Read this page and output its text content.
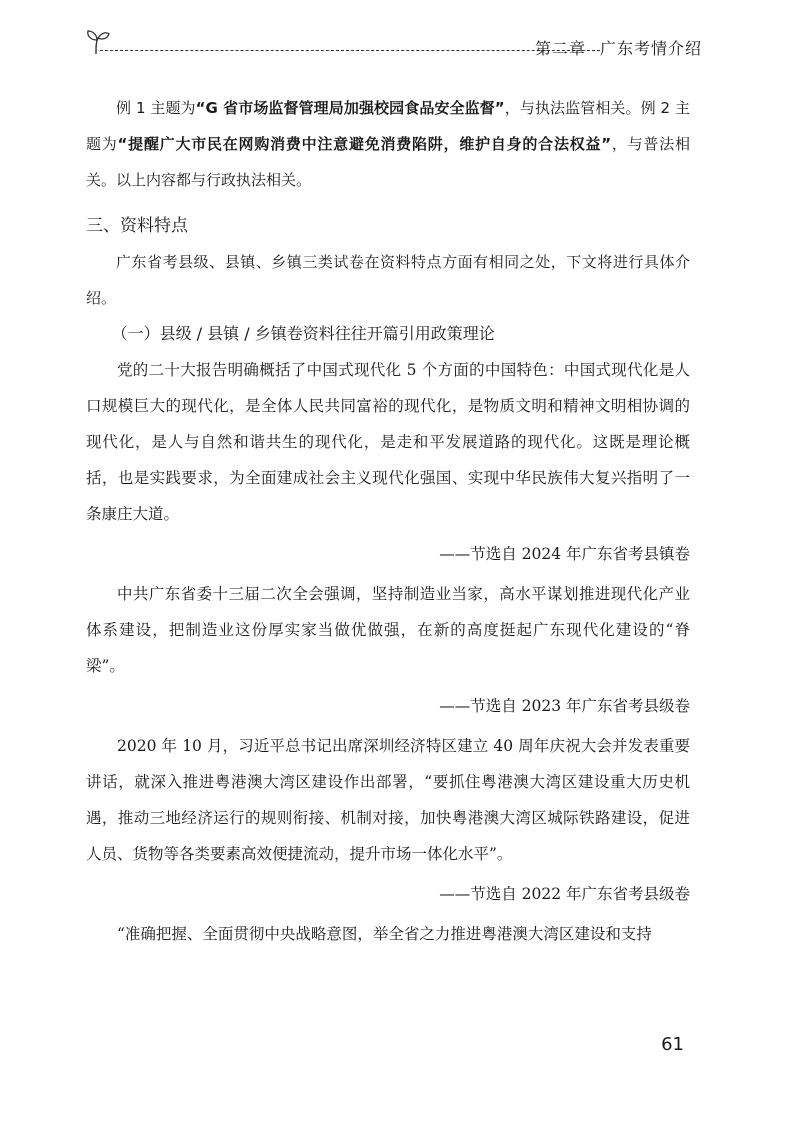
第二章 广东考情介绍

例 1 主题为“G 省市场监督管理局加强校园食品安全监督”，与执法监管相关。例 2 主题为“提醒广大市民在网购消费中注意避免消费陷阱，维护自身的合法权益”，与普法相关。以上内容都与行政执法相关。

三、资料特点

广东省考县级、县镇、乡镇三类试卷在资料特点方面有相同之处，下文将进行具体介绍。

（一）县级 / 县镇 / 乡镇卷资料往往开篇引用政策理论

党的二十大报告明确概括了中国式现代化 5 个方面的中国特色：中国式现代化是人口规模巨大的现代化，是全体人民共同富裕的现代化，是物质文明和精神文明相协调的现代化，是人与自然和谐共生的现代化，是走和平发展道路的现代化。这既是理论概括，也是实践要求，为全面建成社会主义现代化强国、实现中华民族伟大复兴指明了一条康庄大道。

——节选自 2024 年广东省考县镇卷

中共广东省委十三届二次全会强调，坚持制造业当家，高水平谋划推进现代化产业体系建设，把制造业这份厚实家当做优做强，在新的高度挺起广东现代化建设的“脊梁”。

——节选自 2023 年广东省考县级卷

2020 年 10 月，习近平总书记出席深圳经济特区建立 40 周年庆祝大会并发表重要讲话，就深入推进粤港澳大湾区建设作出部署，“要抓住粤港澳大湾区建设重大历史机遇，推动三地经济运行的规则衔接、机制对接，加快粤港澳大湾区城际铁路建设，促进人员、货物等各类要素高效便捷流动，提升市场一体化水平”。

——节选自 2022 年广东省考县级卷

“准确把握、全面贯彻中央战略意图，举全省之力推进粤港澳大湾区建设和支持

61
